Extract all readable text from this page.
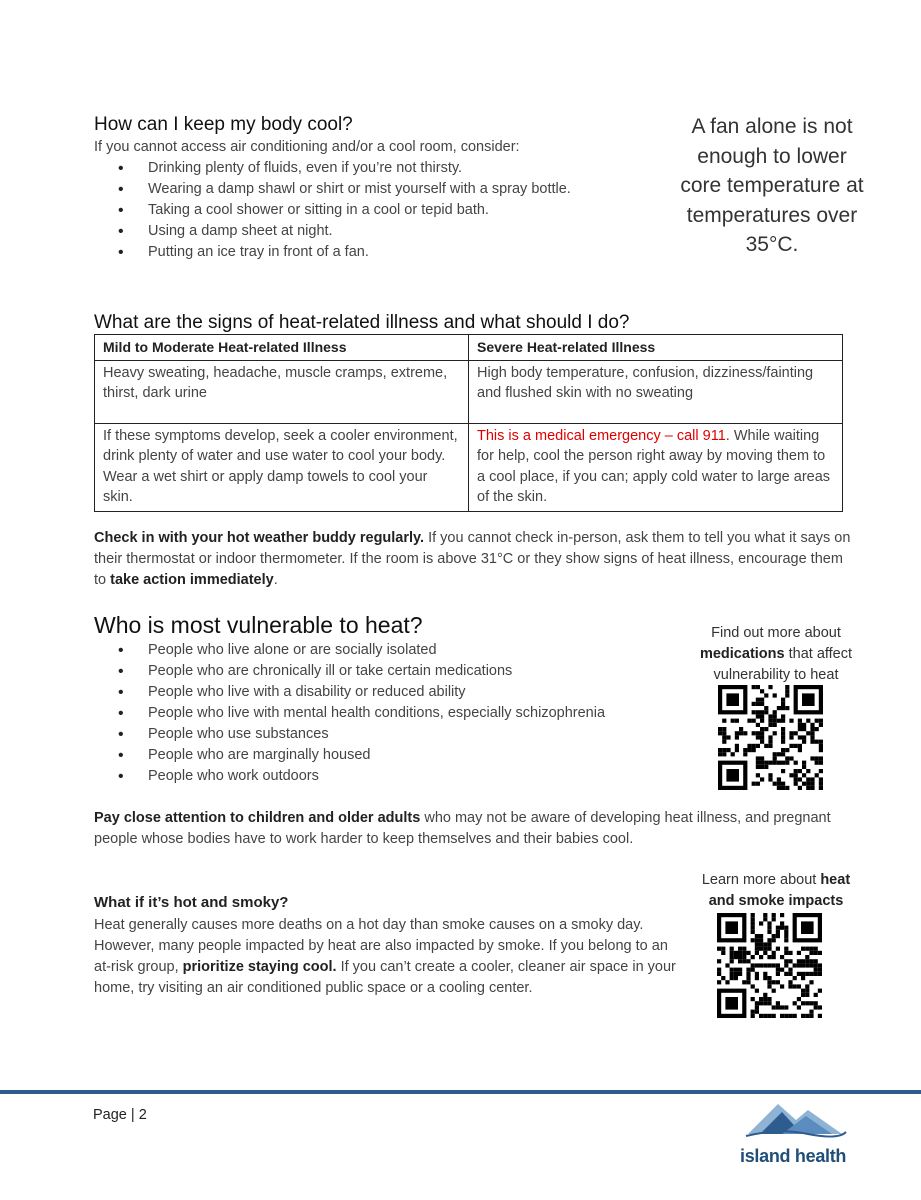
How can I keep my body cool?
If you cannot access air conditioning and/or a cool room, consider:
• Drinking plenty of fluids, even if you’re not thirsty.
• Wearing a damp shawl or shirt or mist yourself with a spray bottle.
• Taking a cool shower or sitting in a cool or tepid bath.
• Using a damp sheet at night.
• Putting an ice tray in front of a fan.
A fan alone is not enough to lower core temperature at temperatures over 35°C.
What are the signs of heat-related illness and what should I do?
Mild to Moderate Heat-related Illness	Severe Heat-related Illness
Heavy sweating, headache, muscle cramps, extreme, thirst, dark urine	High body temperature, confusion, dizziness/fainting and flushed skin with no sweating
If these symptoms develop, seek a cooler environment, drink plenty of water and use water to cool your body. Wear a wet shirt or apply damp towels to cool your skin.	This is a medical emergency – call 911. While waiting for help, cool the person right away by moving them to a cool place, if you can; apply cold water to large areas of the skin.
Check in with your hot weather buddy regularly. If you cannot check in-person, ask them to tell you what it says on their thermostat or indoor thermometer. If the room is above 31°C or they show signs of heat illness, encourage them to take action immediately.
Who is most vulnerable to heat?
• People who live alone or are socially isolated
• People who are chronically ill or take certain medications
• People who live with a disability or reduced ability
• People who live with mental health conditions, especially schizophrenia
• People who use substances
• People who are marginally housed
• People who work outdoors
Find out more about
medications that affect vulnerability to heat
Pay close attention to children and older adults who may not be aware of developing heat illness, and pregnant people whose bodies have to work harder to keep themselves and their babies cool.
Learn more about heat and smoke impacts
What if it’s hot and smoky?
Heat generally causes more deaths on a hot day than smoke causes on a smoky day. However, many people impacted by heat are also impacted by smoke. If you belong to an at-risk group, prioritize staying cool. If you can’t create a cooler, cleaner air space in your home, try visiting an air conditioned public space or a cooling center.
Page | 2
island health
